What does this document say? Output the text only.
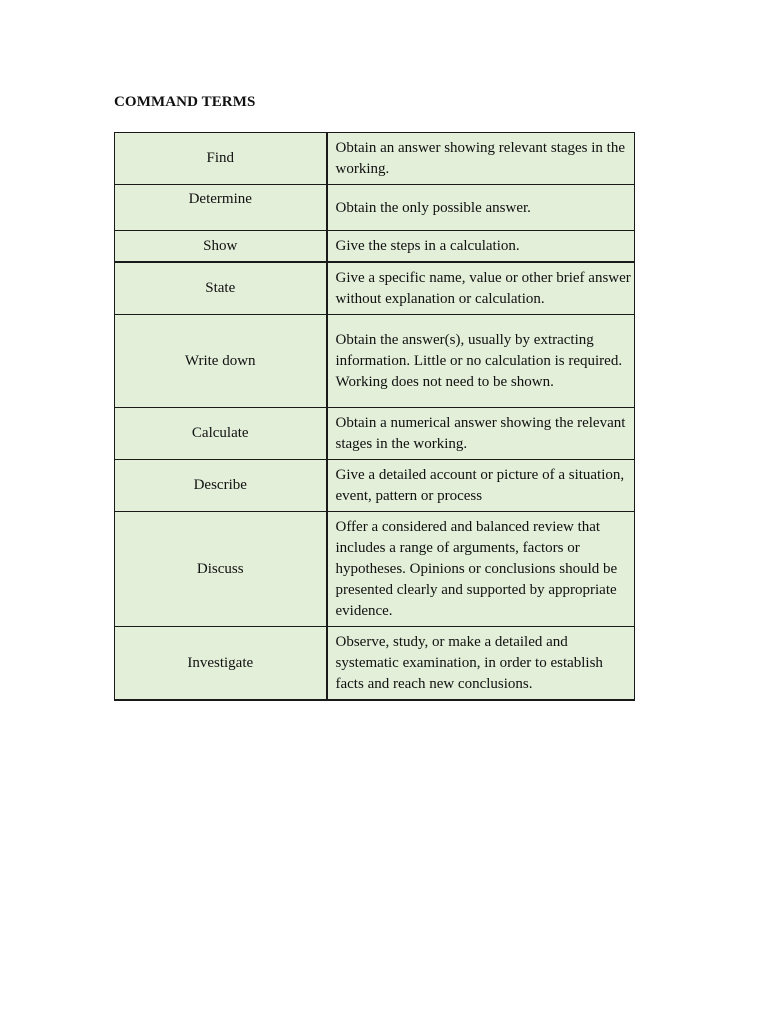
COMMAND TERMS
Find	Obtain an answer showing relevant stages in the working.
Determine	Obtain the only possible answer.
Show	Give the steps in a calculation.
State	Give a specific name, value or other brief answer without explanation or calculation.
Write down	Obtain the answer(s), usually by extracting information. Little or no calculation is required. Working does not need to be shown.
Calculate	Obtain a numerical answer showing the relevant stages in the working.
Describe	Give a detailed account or picture of a situation, event, pattern or process
Discuss	Offer a considered and balanced review that includes a range of arguments, factors or hypotheses. Opinions or conclusions should be presented clearly and supported by appropriate evidence.
Investigate	Observe, study, or make a detailed and systematic examination, in order to establish facts and reach new conclusions.
